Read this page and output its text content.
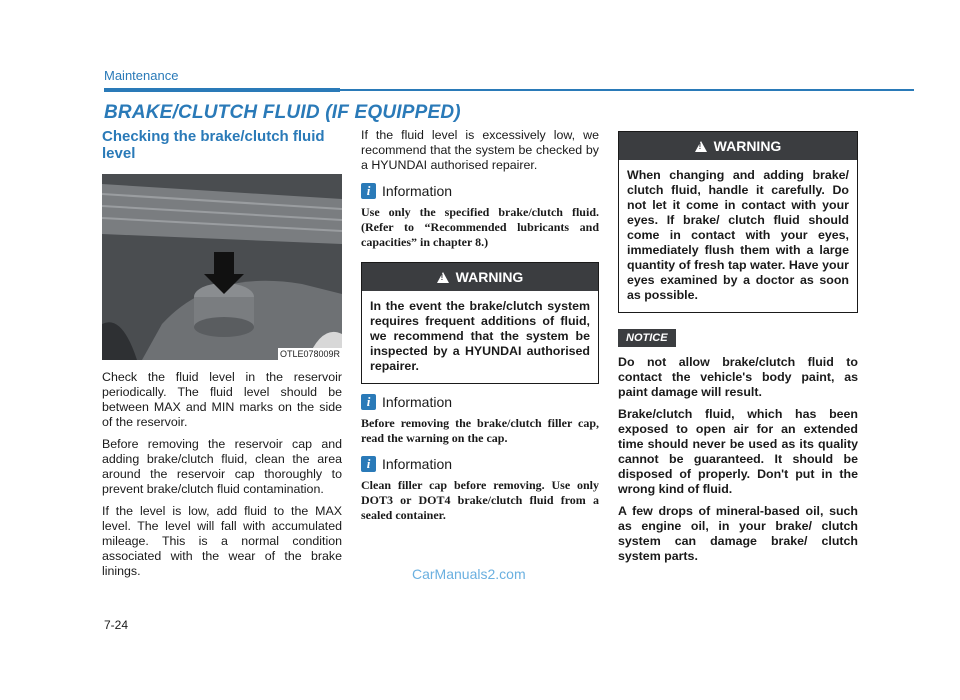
Maintenance
BRAKE/CLUTCH FLUID (IF EQUIPPED)
Checking the brake/clutch fluid level
OTLE078009R

Check the fluid level in the reservoir periodically. The fluid level should be between MAX and MIN marks on the side of the reservoir.

Before removing the reservoir cap and adding brake/clutch fluid, clean the area around the reservoir cap thoroughly to prevent brake/clutch fluid contamination.

If the level is low, add fluid to the MAX level. The level will fall with accumulated mileage. This is a normal condition associated with the wear of the brake linings.

If the fluid level is excessively low, we recommend that the system be checked by a HYUNDAI authorised repairer.

i Information

Use only the specified brake/clutch fluid. (Refer to “Recommended lubricants and capacities” in chapter 8.)

!
WARNING
In the event the brake/clutch system requires frequent additions of fluid, we recommend that the system be inspected by a HYUNDAI authorised repairer.
i Information

Before removing the brake/clutch filler cap, read the warning on the cap.

i Information

Clean filler cap before removing. Use only DOT3 or DOT4 brake/clutch fluid from a sealed container.

!
WARNING
When changing and adding brake/ clutch fluid, handle it carefully. Do not let it come in contact with your eyes. If brake/ clutch fluid should come in contact with your eyes, immediately flush them with a large quantity of fresh tap water. Have your eyes examined by a doctor as soon as possible.
NOTICE

Do not allow brake/clutch fluid to contact the vehicle's body paint, as paint damage will result.

Brake/clutch fluid, which has been exposed to open air for an extended time should never be used as its quality cannot be guaranteed. It should be disposed of properly. Don't put in the wrong kind of fluid.

A few drops of mineral-based oil, such as engine oil, in your brake/ clutch system can damage brake/ clutch system parts.

7-24
CarManuals2.com
